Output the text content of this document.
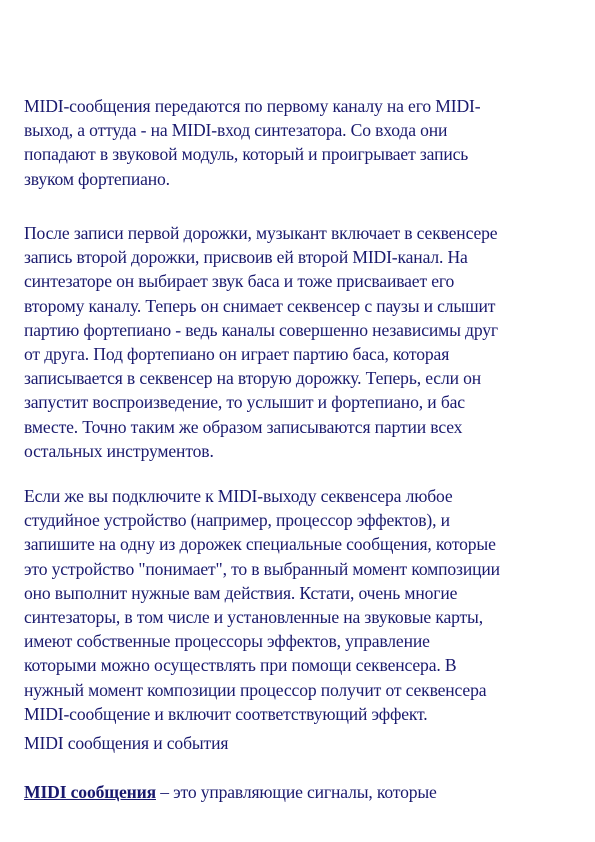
MIDI-сообщения передаются по первому каналу на его MIDI-
выход, а оттуда - на MIDI-вход синтезатора. Со входа они
попадают в звуковой модуль, который и проигрывает запись
звуком фортепиано.
После записи первой дорожки, музыкант включает в секвенсере
запись второй дорожки, присвоив ей второй MIDI-канал. На
синтезаторе он выбирает звук баса и тоже присваивает его
второму каналу. Теперь он снимает секвенсер с паузы и слышит
партию фортепиано - ведь каналы совершенно независимы друг
от друга. Под фортепиано он играет партию баса, которая
записывается в секвенсер на вторую дорожку. Теперь, если он
запустит воспроизведение, то услышит и фортепиано, и бас
вместе. Точно таким же образом записываются партии всех
остальных инструментов.
Если же вы подключите к MIDI-выходу секвенсера любое
студийное устройство (например, процессор эффектов), и
запишите на одну из дорожек специальные сообщения, которые
это устройство "понимает", то в выбранный момент композиции
оно выполнит нужные вам действия. Кстати, очень многие
синтезаторы, в том числе и установленные на звуковые карты,
имеют собственные процессоры эффектов, управление
которыми можно осуществлять при помощи секвенсера. В
нужный момент композиции процессор получит от секвенсера
MIDI-сообщение и включит соответствующий эффект.
MIDI сообщения и события
MIDI сообщения – это управляющие сигналы, которые
